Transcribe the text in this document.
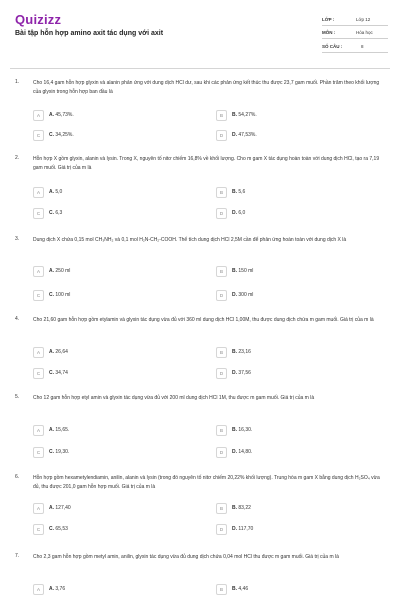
Quizizz
Bài tập hỗn hợp amino axit tác dụng với axit
LỚP :	Lớp 12
MÔN :	Hóa học
SỐ CÂU :	8
1.	Cho 16,4 gam hỗn hợp glyxin và alanin phản ứng với dung dịch HCl dư, sau khi các phản ứng kết thúc thu được 23,7 gam muối. Phần trăm theo khối lượng của glyxin trong hỗn hợp ban đầu là
A	A. 45,73%.	B	B. 54,27%.
C	C. 34,25%.	D	D. 47,53%.
2.	Hỗn hợp X gồm glyxin, alanin và lysin. Trong X, nguyên tố nitơ chiếm 16,8% về khối lượng. Cho m gam X tác dụng hoàn toàn với dung dịch HCl, tạo ra 7,19 gam muối. Giá trị của m là
A	A. 5,0	B	B. 5,6
C	C. 6,3	D	D. 6,0
3.	Dung dịch X chứa 0,15 mol CH₃NH₂ và 0,1 mol H₂N-CH₂-COOH. Thể tích dung dịch HCl 2,5M cần để phản ứng hoàn toàn với dung dịch X là
A	A. 250 ml	B	B. 150 ml
C	C. 100 ml	D	D. 300 ml
4.	Cho 21,60 gam hỗn hợp gồm etylamin và glyxin tác dụng vừa đủ với 360 ml dung dịch HCl 1,00M, thu được dung dịch chứa m gam muối. Giá trị của m là
A	A. 26,64	B	B. 23,16
C	C. 34,74	D	D. 37,56
5.	Cho 12 gam hỗn hợp etyl amin và glyxin tác dụng vừa đủ với 200 ml dung dịch HCl 1M, thu được m gam muối. Giá trị của m là
A	A. 15,65.	B	B. 16,30.
C	C. 19,30.	D	D. 14,80.
6.	Hỗn hợp gồm hexametylendiamin, anilin, alanin và lysin (trong đó nguyên tố nitơ chiếm 20,22% khối lượng). Trung hòa m gam X bằng dung dịch H₂SO₄ vừa đủ, thu được 201,0 gam hỗn hợp muối. Giá trị của m là
A	A. 127,40	B	B. 83,22
C	C. 65,53	D	D. 117,70
7.	Cho 2,3 gam hỗn hợp gồm metyl amin, anilin, glyxin tác dụng vừa đủ dung dịch chứa 0,04 mol HCl thu được m gam muối. Giá trị của m là
A	A. 3,76	B	B. 4,46
